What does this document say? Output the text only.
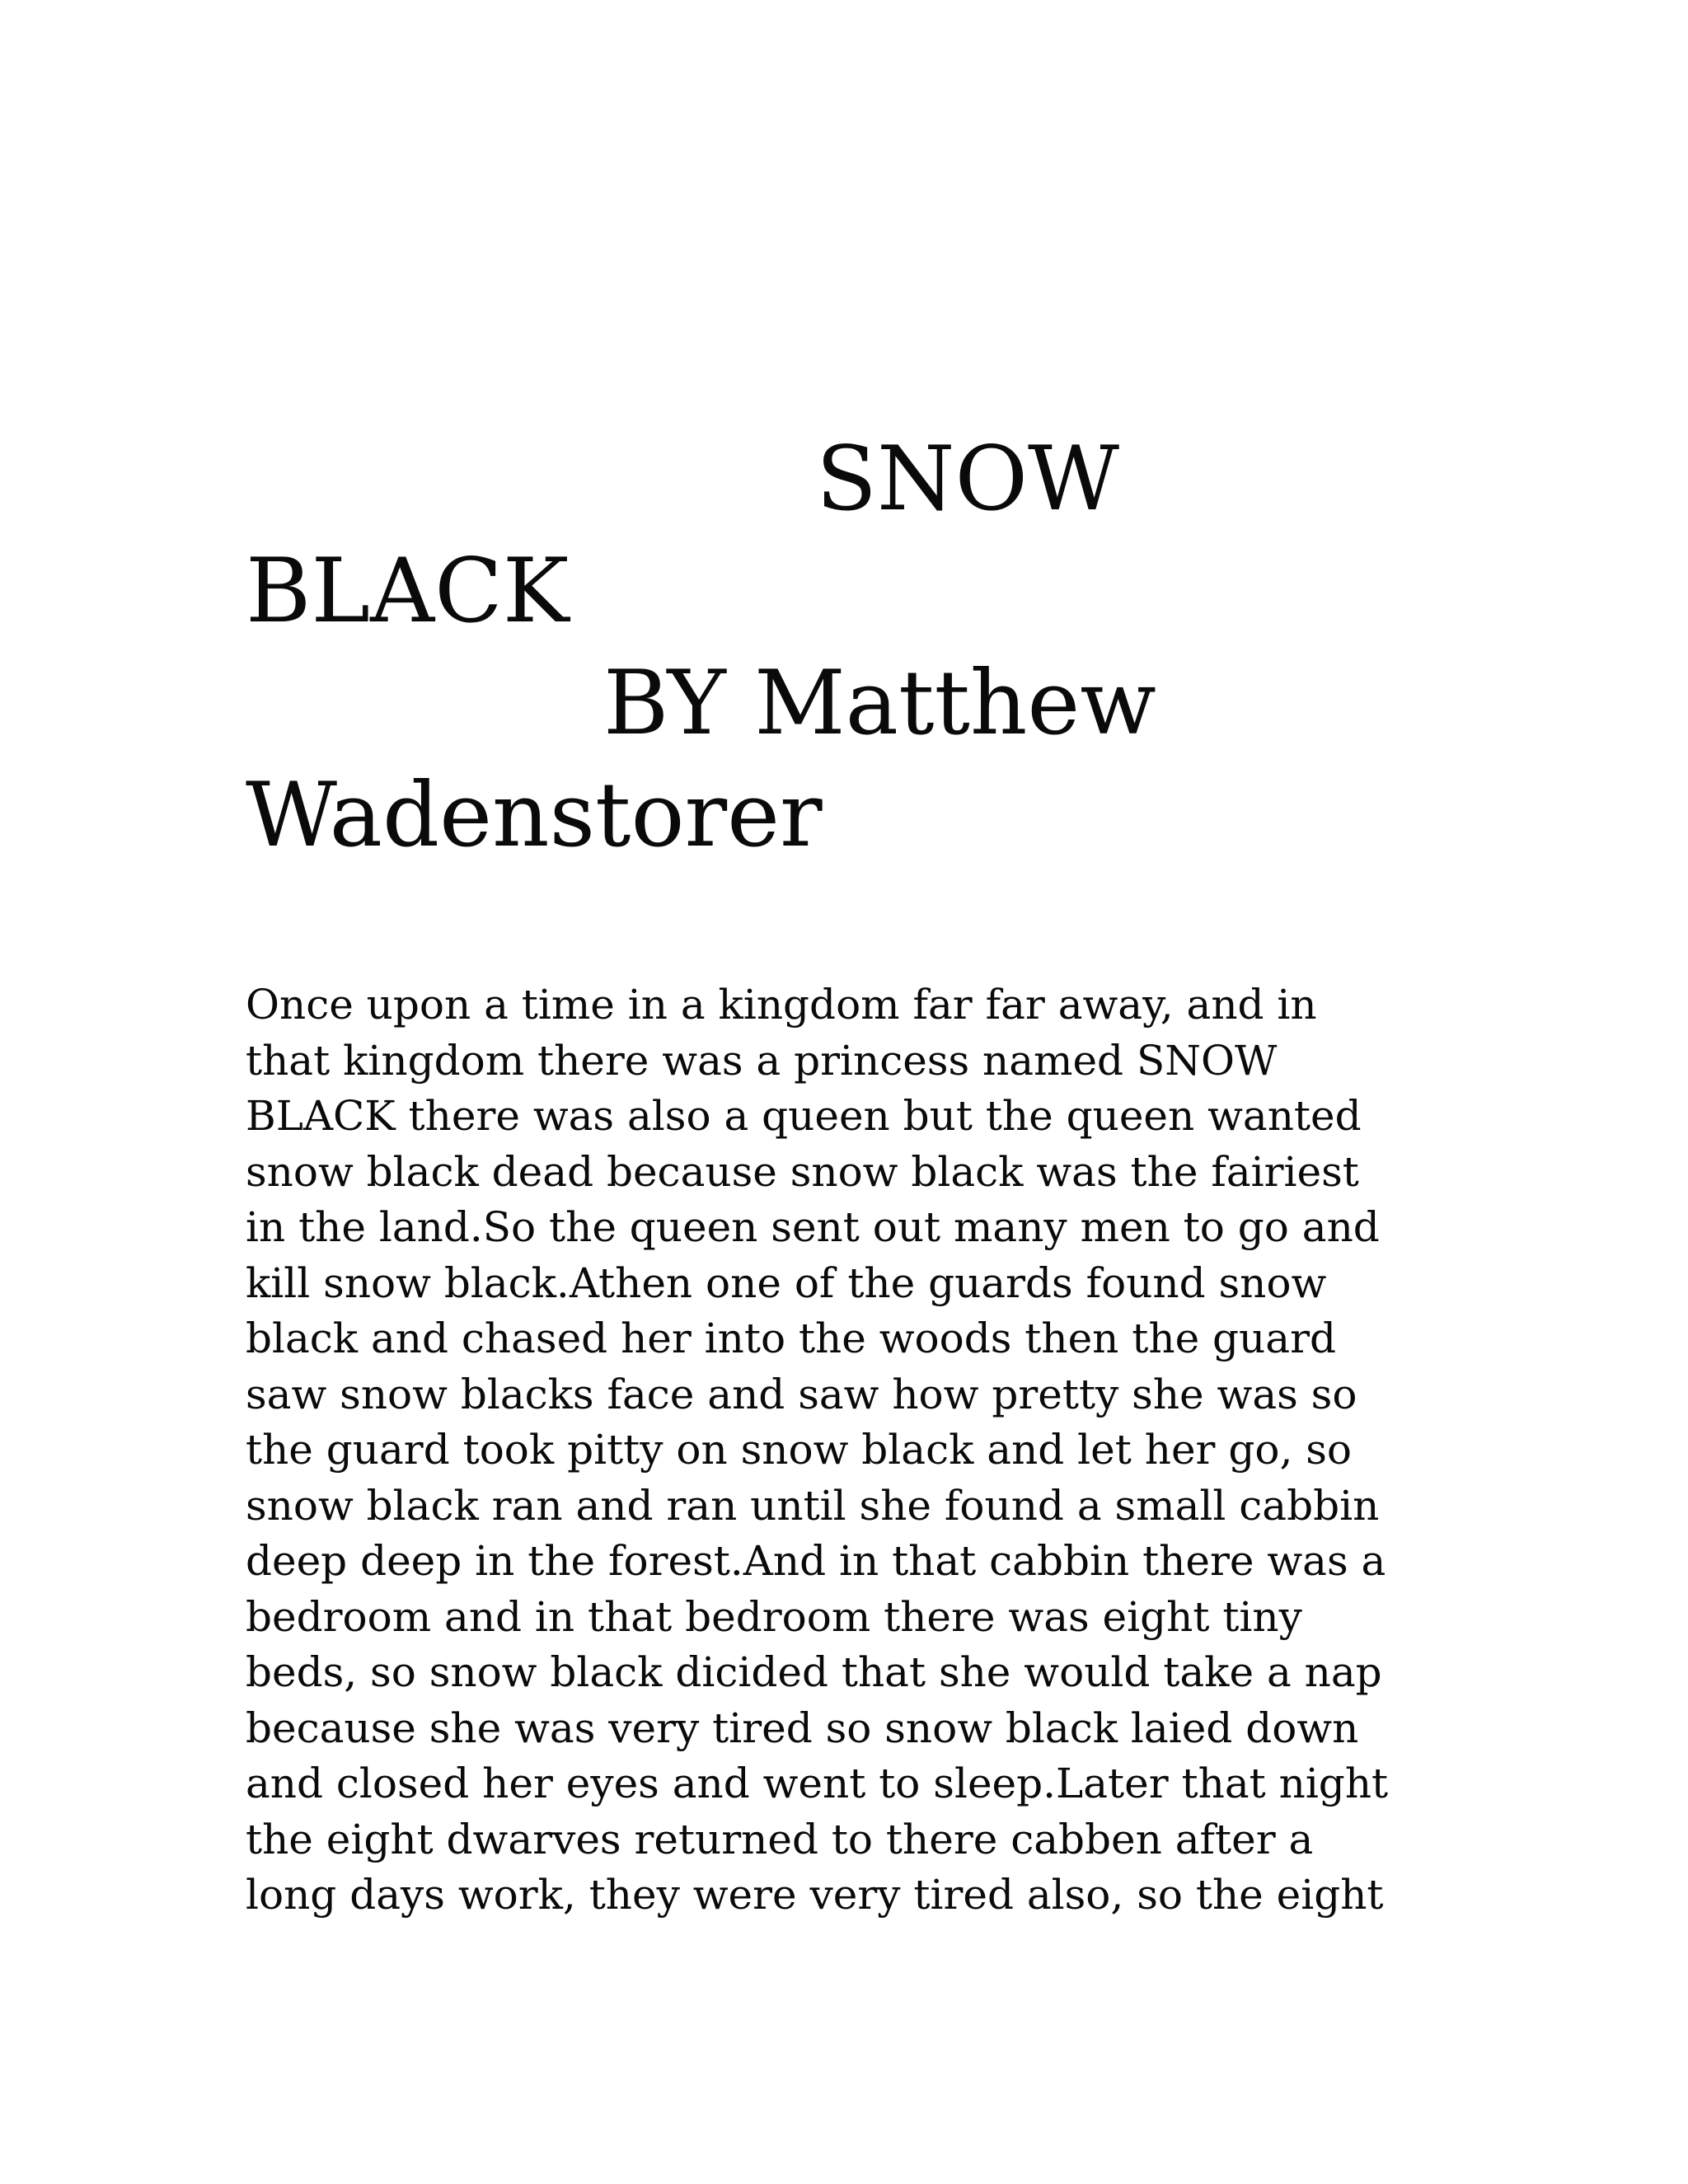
SNOW
BLACK
BY Matthew
Wadenstorer

Once upon a time in a kingdom far far away, and in
that kingdom there was a princess named SNOW
BLACK there was also a queen but the queen wanted
snow black dead because snow black was the fairiest
in the land.So the queen sent out many men to go and
kill snow black.Athen one of the guards found snow
black and chased her into the woods then the guard
saw snow blacks face and saw how pretty she was so
the guard took pitty on snow black and let her go, so
snow black ran and ran until she found a small cabbin
deep deep in the forest.And in that cabbin there was a
bedroom and in that bedroom there was eight tiny
beds, so snow black dicided that she would take a nap
because she was very tired so snow black laied down
and closed her eyes and went to sleep.Later that night
the eight dwarves returned to there cabben after a
long days work, they were very tired also, so the eight
